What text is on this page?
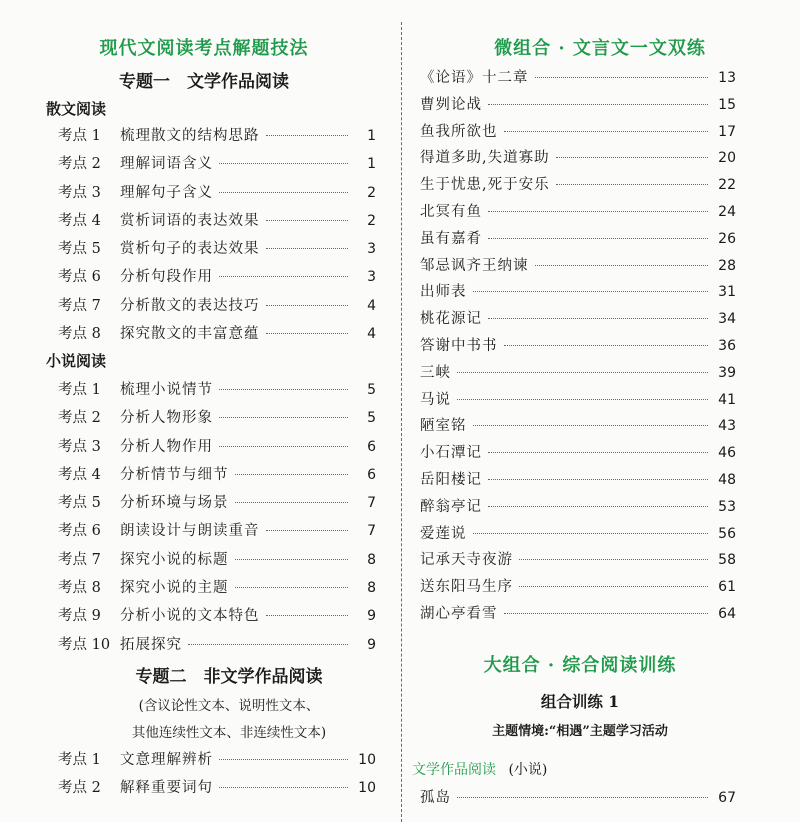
现代文阅读考点解题技法
专题一　文学作品阅读
散文阅读
考点 1	梳理散文的结构思路	1
考点 2	理解词语含义	1
考点 3	理解句子含义	2
考点 4	赏析词语的表达效果	2
考点 5	赏析句子的表达效果	3
考点 6	分析句段作用	3
考点 7	分析散文的表达技巧	4
考点 8	探究散文的丰富意蕴	4
小说阅读
考点 1	梳理小说情节	5
考点 2	分析人物形象	5
考点 3	分析人物作用	6
考点 4	分析情节与细节	6
考点 5	分析环境与场景	7
考点 6	朗读设计与朗读重音	7
考点 7	探究小说的标题	8
考点 8	探究小说的主题	8
考点 9	分析小说的文本特色	9
考点 10 拓展探究	9
专题二　非文学作品阅读
(含议论性文本、说明性文本、
其他连续性文本、非连续性文本)
考点 1	文意理解辨析	10
考点 2	解释重要词句	10
微组合 · 文言文一文双练
《论语》十二章	13
曹刿论战	15
鱼我所欲也	17
得道多助,失道寡助	20
生于忧患,死于安乐	22
北冥有鱼	24
虽有嘉肴	26
邹忌讽齐王纳谏	28
出师表	31
桃花源记	34
答谢中书书	36
三峡	39
马说	41
陋室铭	43
小石潭记	46
岳阳楼记	48
醉翁亭记	53
爱莲说	56
记承天寺夜游	58
送东阳马生序	61
湖心亭看雪	64
大组合 · 综合阅读训练
组合训练 1
主题情境:“相遇”主题学习活动
文学作品阅读 (小说)
孤岛	67
